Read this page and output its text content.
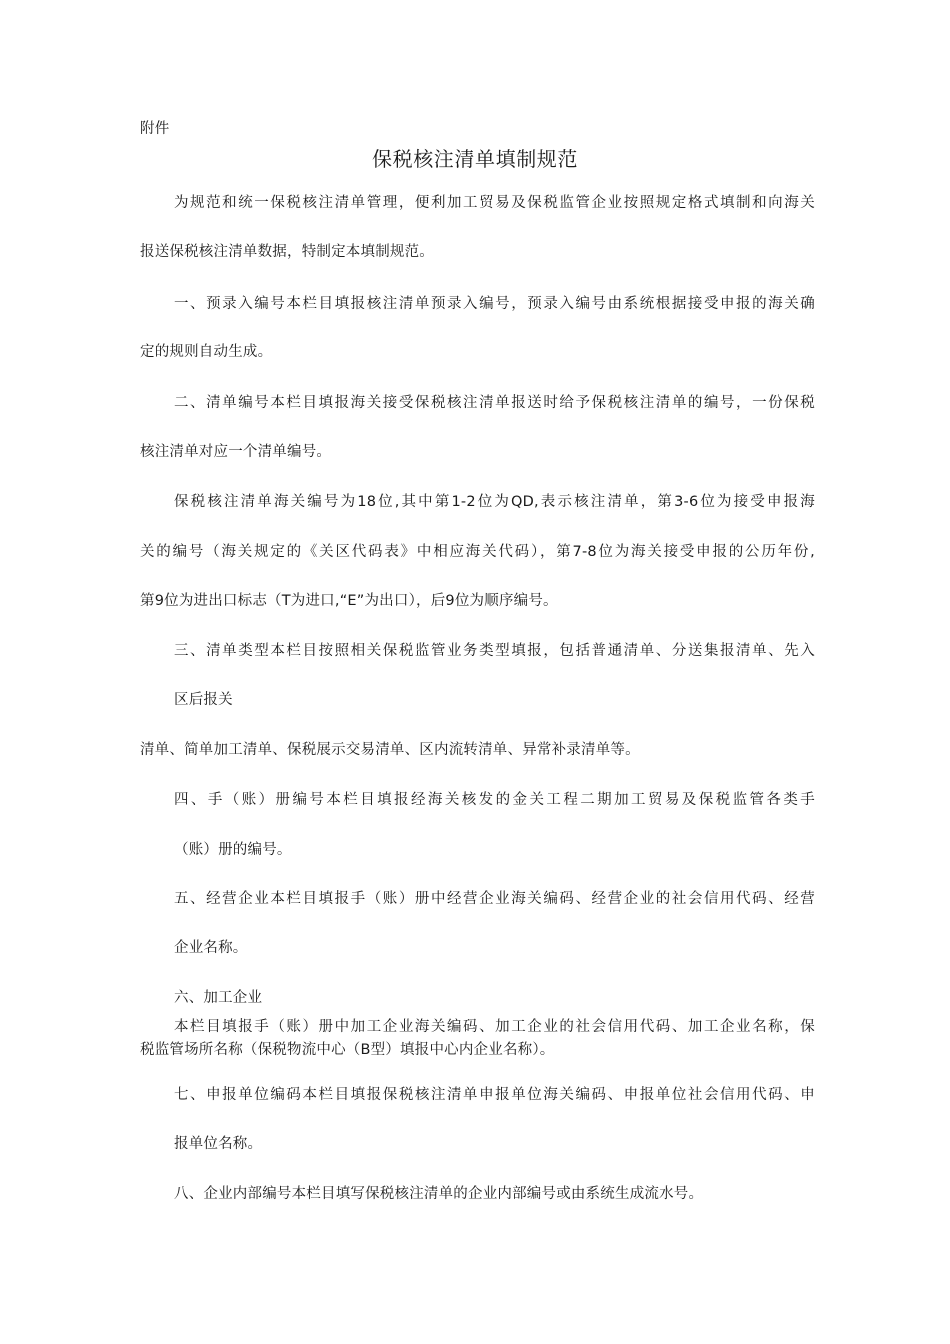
附件
保税核注清单填制规范
为规范和统一保税核注清单管理，便利加工贸易及保税监管企业按照规定格式填制和向海关
报送保税核注清单数据，特制定本填制规范。
一、预录入编号本栏目填报核注清单预录入编号，预录入编号由系统根据接受申报的海关确
定的规则自动生成。
二、清单编号本栏目填报海关接受保税核注清单报送时给予保税核注清单的编号，一份保税
核注清单对应一个清单编号。
保税核注清单海关编号为18位,其中第1-2位为QD,表示核注清单，第3-6位为接受申报海
关的编号（海关规定的《关区代码表》中相应海关代码），第7-8位为海关接受申报的公历年份,
第9位为进出口标志（T为进口,“E”为出口），后9位为顺序编号。
三、清单类型本栏目按照相关保税监管业务类型填报，包括普通清单、分送集报清单、先入
区后报关
清单、简单加工清单、保税展示交易清单、区内流转清单、异常补录清单等。
四、手（账）册编号本栏目填报经海关核发的金关工程二期加工贸易及保税监管各类手
（账）册的编号。
五、经营企业本栏目填报手（账）册中经营企业海关编码、经营企业的社会信用代码、经营
企业名称。
六、加工企业
本栏目填报手（账）册中加工企业海关编码、加工企业的社会信用代码、加工企业名称，保
税监管场所名称（保税物流中心（B型）填报中心内企业名称）。
七、申报单位编码本栏目填报保税核注清单申报单位海关编码、申报单位社会信用代码、申
报单位名称。
八、企业内部编号本栏目填写保税核注清单的企业内部编号或由系统生成流水号。
